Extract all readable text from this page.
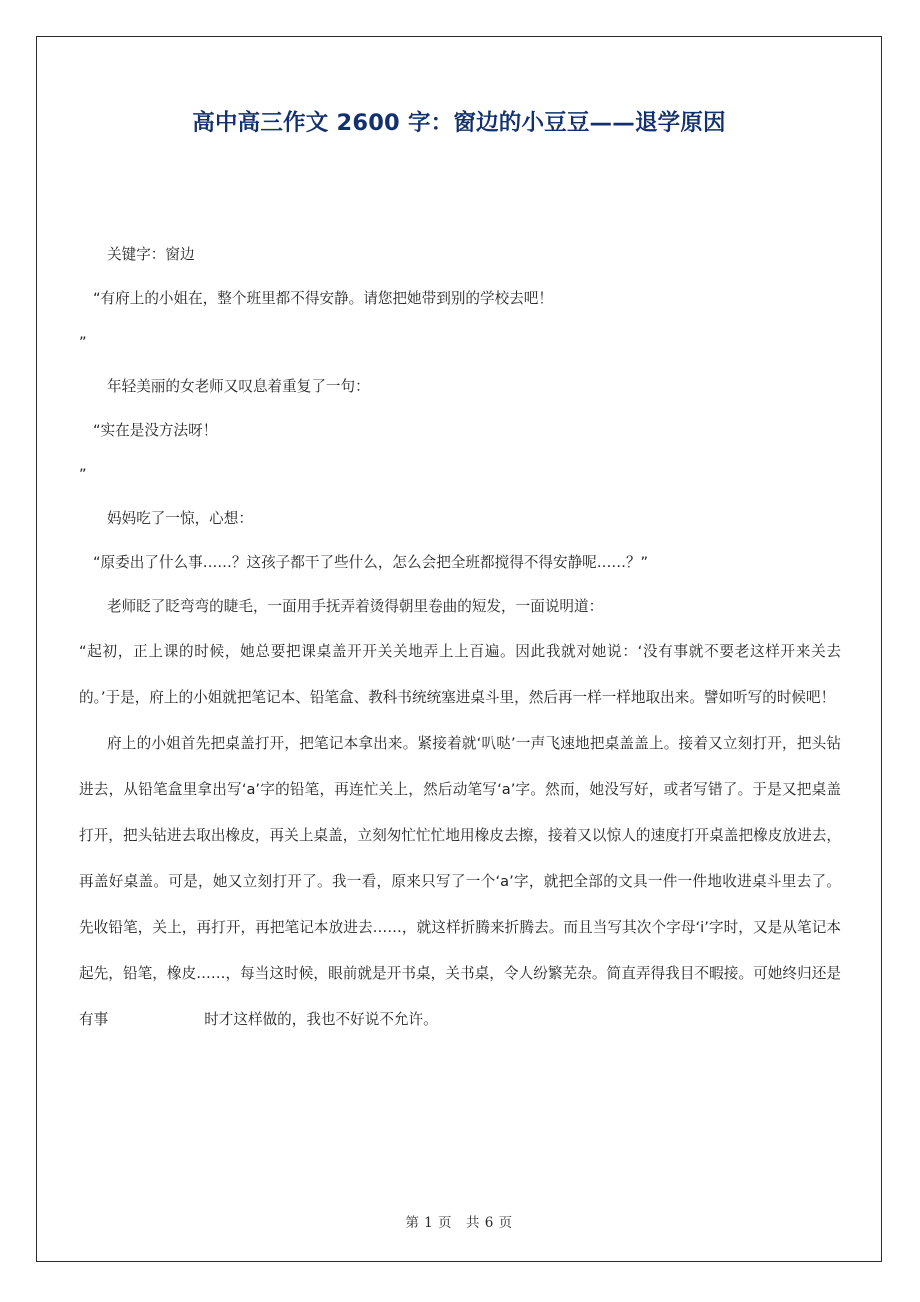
高中高三作文 2600 字：窗边的小豆豆——退学原因

关键字：窗边

“有府上的小姐在，整个班里都不得安静。请您把她带到别的学校去吧！

”

年轻美丽的女老师又叹息着重复了一句：

“实在是没方法呀！

”

妈妈吃了一惊，心想：

“原委出了什么事……？这孩子都干了些什么，怎么会把全班都搅得不得安静呢……？”

老师眨了眨弯弯的睫毛，一面用手抚弄着烫得朝里卷曲的短发，一面说明道：

“起初，正上课的时候，她总要把课桌盖开开关关地弄上上百遍。因此我就对她说：‘没有事就不要老这样开来关去的。’于是，府上的小姐就把笔记本、铅笔盒、教科书统统塞进桌斗里，然后再一样一样地取出来。譬如听写的时候吧！

府上的小姐首先把桌盖打开，把笔记本拿出来。紧接着就‘叭哒’一声飞速地把桌盖盖上。接着又立刻打开，把头钻进去，从铅笔盒里拿出写‘a’字的铅笔，再连忙关上，然后动笔写‘a’字。然而，她没写好，或者写错了。于是又把桌盖打开，把头钻进去取出橡皮，再关上桌盖，立刻匆忙忙忙地用橡皮去擦，接着又以惊人的速度打开桌盖把橡皮放进去，再盖好桌盖。可是，她又立刻打开了。我一看，原来只写了一个‘a’字，就把全部的文具一件一件地收进桌斗里去了。先收铅笔，关上，再打开，再把笔记本放进去……，就这样折腾来折腾去。而且当写其次个字母‘i’字时，又是从笔记本起先，铅笔，橡皮……，每当这时候，眼前就是开书桌，关书桌，令人纷繁芜杂。简直弄得我目不暇接。可她终归还是有事	时才这样做的，我也不好说不允许。

第 1 页 共 6 页
